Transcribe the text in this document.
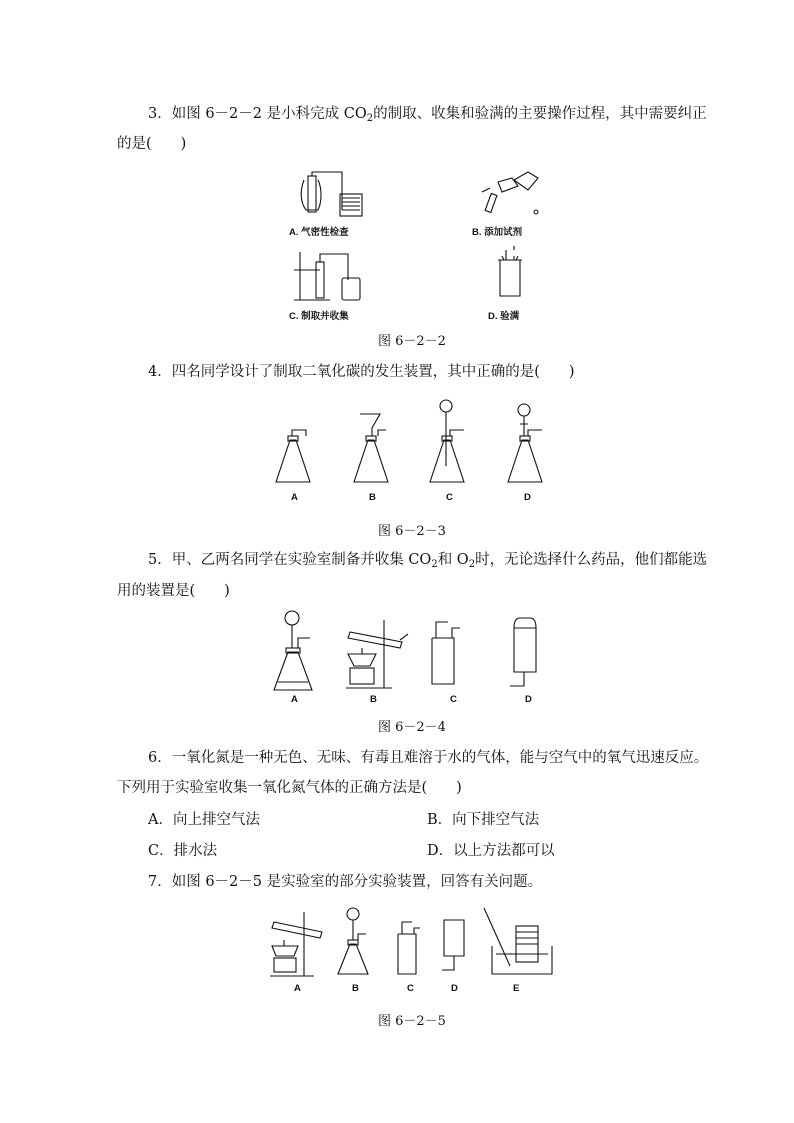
3．如图 6－2－2 是小科完成 $CO_2$的制取、收集和验满的主要操作过程，其中需要纠正
的是(　　)
A. 气密性检查	B. 添加试剂
C. 制取并收集	D. 验满
图 6－2－2
4．四名同学设计了制取二氧化碳的发生装置，其中正确的是(　　)
A	B	C	D
图 6－2－3
5．甲、乙两名同学在实验室制备并收集 $CO_2$和 $O_2$时，无论选择什么药品，他们都能选
用的装置是(　　)
A	B	C	D
图 6－2－4
6．一氧化氮是一种无色、无味、有毒且难溶于水的气体，能与空气中的氧气迅速反应。
下列用于实验室收集一氧化氮气体的正确方法是(　　)
A．向上排空气法	B．向下排空气法
C．排水法	D．以上方法都可以
7．如图 6－2－5 是实验室的部分实验装置，回答有关问题。
A	B	C	D	E
图 6－2－5
